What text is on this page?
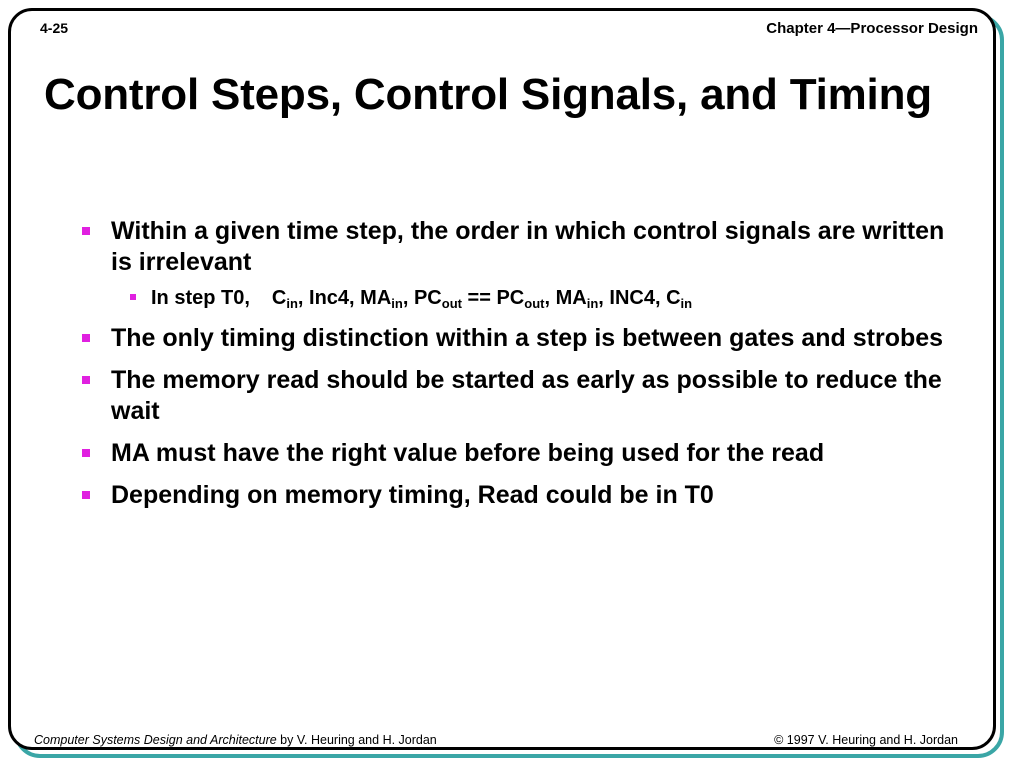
4-25	Chapter 4—Processor Design
Control Steps, Control Signals, and Timing
Within a given time step, the order in which control signals are written is irrelevant
In step T0, $C_{in}$, Inc4, $MA_{in}$, $PC_{out} == PC_{out}$, $MA_{in}$, INC4, $C_{in}$
The only timing distinction within a step is between gates and strobes
The memory read should be started as early as possible to reduce the wait
MA must have the right value before being used for the read
Depending on memory timing, Read could be in T0
Computer Systems Design and Architecture by V. Heuring and H. Jordan	© 1997 V. Heuring and H. Jordan
